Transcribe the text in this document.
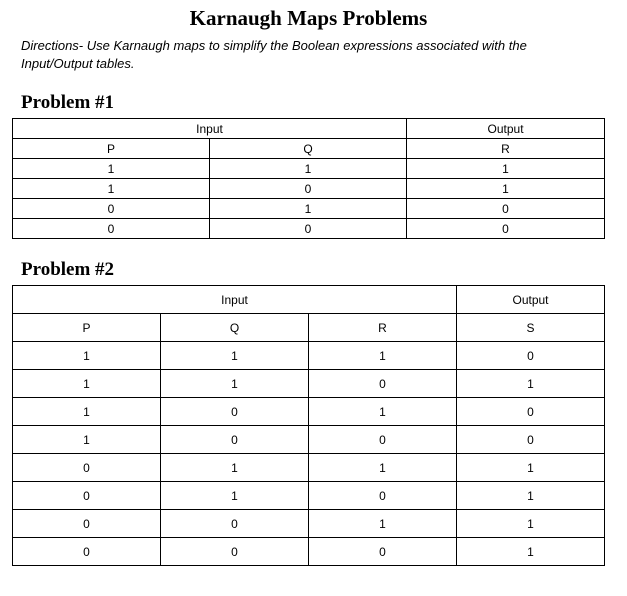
Karnaugh Maps Problems
Directions- Use Karnaugh maps to simplify the Boolean expressions associated with the Input/Output tables.
Problem #1
Input		Output
P	Q	R
1	1	1
1	0	1
0	1	0
0	0	0
Problem #2
Input			Output
P	Q	R	S
1	1	1	0
1	1	0	1
1	0	1	0
1	0	0	0
0	1	1	1
0	1	0	1
0	0	1	1
0	0	0	1
